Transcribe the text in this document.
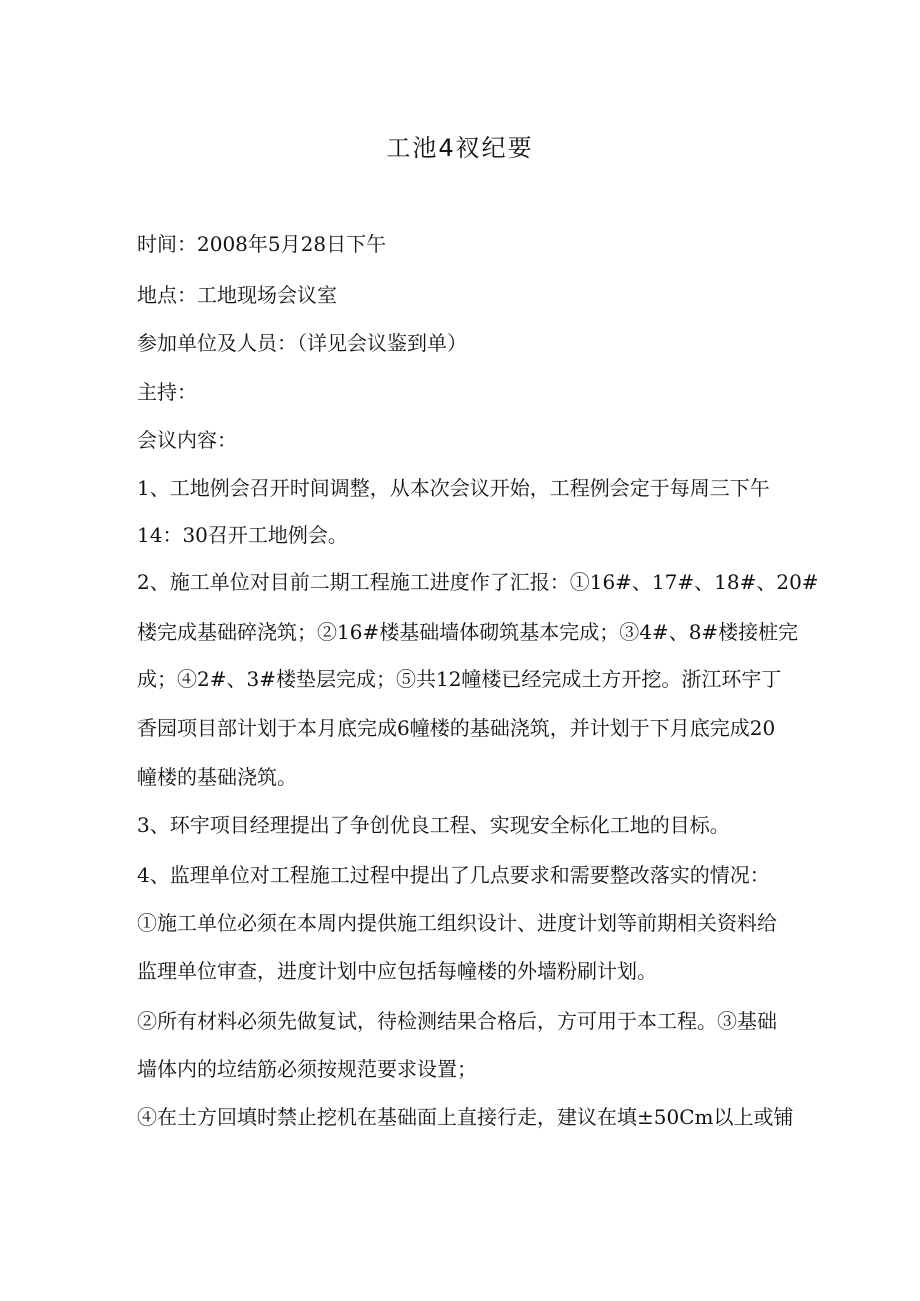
工池4衩纪要
时间：2008年5月28日下午
地点：工地现场会议室
参加单位及人员：（详见会议鉴到单）
主持：
会议内容：
1、工地例会召开时间调整，从本次会议开始，工程例会定于每周三下午
14：30召开工地例会。
2、施工单位对目前二期工程施工进度作了汇报：①16#、17#、18#、20#
楼完成基础碎浇筑；②16#楼基础墙体砌筑基本完成；③4#、8#楼接桩完
成；④2#、3#楼垫层完成；⑤共12幢楼已经完成土方开挖。浙江环宇丁
香园项目部计划于本月底完成6幢楼的基础浇筑，并计划于下月底完成20
幢楼的基础浇筑。
3、环宇项目经理提出了争创优良工程、实现安全标化工地的目标。
4、监理单位对工程施工过程中提出了几点要求和需要整改落实的情况：
①施工单位必须在本周内提供施工组织设计、进度计划等前期相关资料给
监理单位审查，进度计划中应包括每幢楼的外墙粉刷计划。
②所有材料必须先做复试，待检测结果合格后，方可用于本工程。③基础
墙体内的垃结筋必须按规范要求设置；
④在土方回填时禁止挖机在基础面上直接行走，建议在填±50Cm以上或铺
